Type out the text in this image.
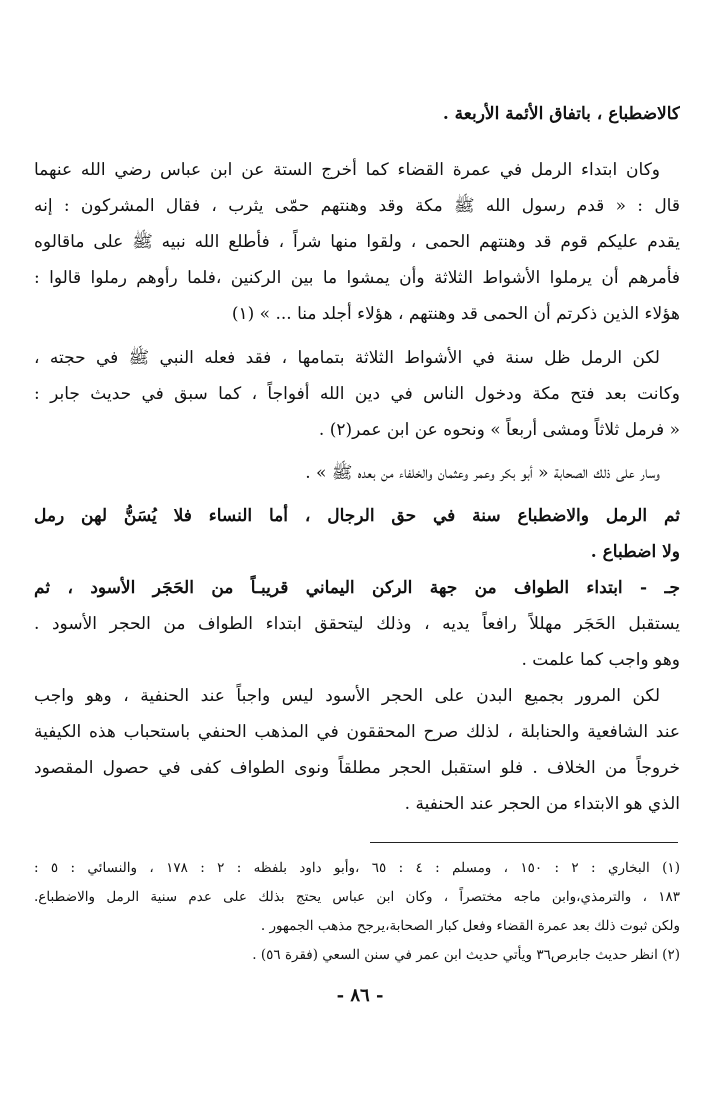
كالاضطباع ، باتفاق الأئمة الأربعة .
وكان ابتداء الرمل في عمرة القضاء كما أخرج الستة عن ابن عباس رضي الله عنهما
قال : « قدم رسول الله ﷺ مكة وقد وهنتهم حمّى يثرب ، فقال المشركون : إنه
يقدم عليكم قوم قد وهنتهم الحمى ، ولقوا منها شراً ، فأطلع الله نبيه ﷺ على ماقالوه
فأمرهم أن يرملوا الأشواط الثلاثة وأن يمشوا ما بين الركنين ،فلما رأوهم رملوا قالوا :
هؤلاء الذين ذكرتم أن الحمى قد وهنتهم ، هؤلاء أجلد منا ... » (١)
لكن الرمل ظل سنة في الأشواط الثلاثة بتمامها ، فقد فعله النبي ﷺ في حجته ،
وكانت بعد فتح مكة ودخول الناس في دين الله أفواجاً ، كما سبق في حديث جابر :
« فرمل ثلاثاً ومشى أربعاً » ونحوه عن ابن عمر(٢) .
وسار على ذلك الصحابة « أبو بكر وعمر وعثمان والخلفاء من بعده ﷺ » .
ثم الرمل والاضطباع سنة في حق الرجال ، أما النساء فلا يُسَنُّ لهن رمل
ولا اضطباع .
جـ - ابتداء الطواف من جهة الركن اليماني قريبـاً من الحَجَر الأسود ، ثم
يستقبل الحَجَر مهللاً رافعاً يديه ، وذلك ليتحقق ابتداء الطواف من الحجر الأسود .
وهو واجب كما علمت .
لكن المرور بجميع البدن على الحجر الأسود ليس واجباً عند الحنفية ، وهو واجب
عند الشافعية والحنابلة ، لذلك صرح المحققون في المذهب الحنفي باستحباب هذه الكيفية
خروجاً من الخلاف . فلو استقبل الحجر مطلقاً ونوى الطواف كفى في حصول المقصود
الذي هو الابتداء من الحجر عند الحنفية .
(١) البخاري : ٢ : ١٥٠ ، ومسلم : ٤ : ٦٥ ،وأبو داود بلفظه : ٢ : ١٧٨ ، والنسائي : ٥ :
١٨٣ ، والترمذي،وابن ماجه مختصراً ، وكان ابن عباس يحتج بذلك على عدم سنية الرمل والاضطباع.
ولكن ثبوت ذلك بعد عمرة القضاء وفعل كبار الصحابة،يرجح مذهب الجمهور .
(٢) انظر حديث جابرص٣٦ ويأتي حديث ابن عمر في سنن السعي (فقرة ٥٦) .
- ٨٦ -
